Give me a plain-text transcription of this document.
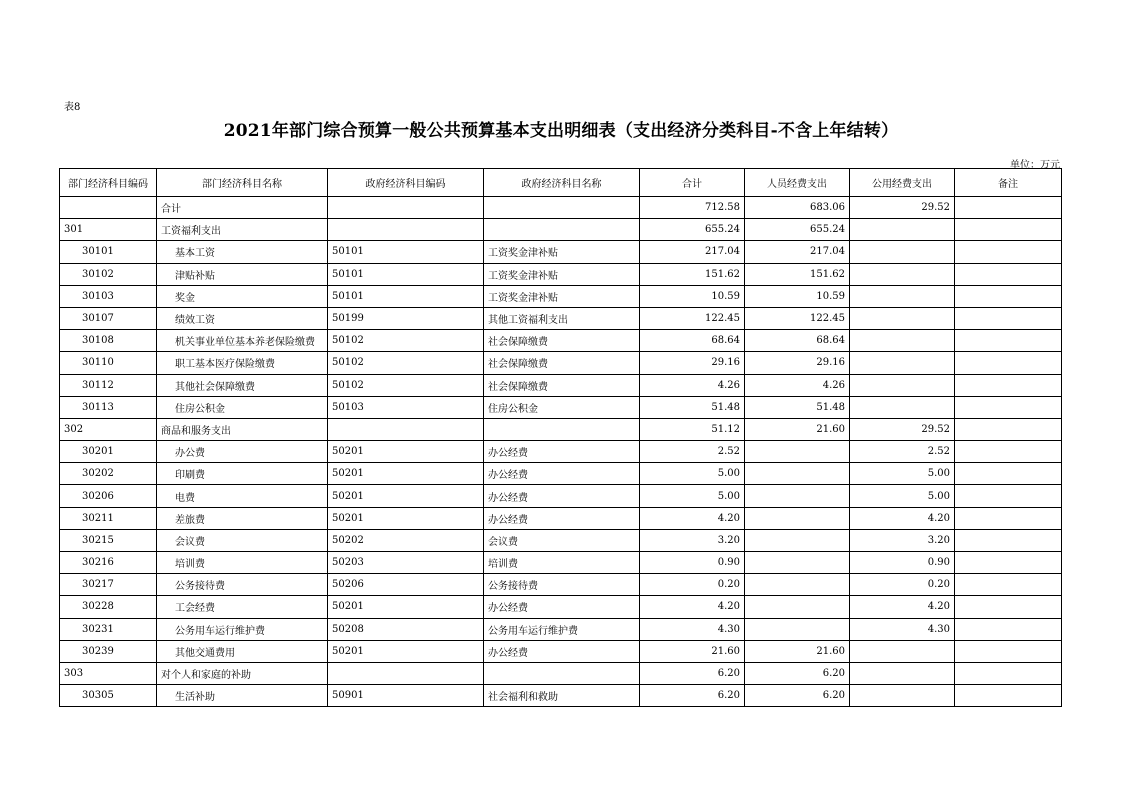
表8
2021年部门综合预算一般公共预算基本支出明细表（支出经济分类科目-不含上年结转）
单位：万元
部门经济科目编码	部门经济科目名称	政府经济科目编码	政府经济科目名称	合计	人员经费支出	公用经费支出	备注
	合计			712.58	683.06	29.52	
301	工资福利支出			655.24	655.24		
30101	基本工资	50101	工资奖金津补贴	217.04	217.04		
30102	津贴补贴	50101	工资奖金津补贴	151.62	151.62		
30103	奖金	50101	工资奖金津补贴	10.59	10.59		
30107	绩效工资	50199	其他工资福利支出	122.45	122.45		
30108	机关事业单位基本养老保险缴费	50102	社会保障缴费	68.64	68.64		
30110	职工基本医疗保险缴费	50102	社会保障缴费	29.16	29.16		
30112	其他社会保障缴费	50102	社会保障缴费	4.26	4.26		
30113	住房公积金	50103	住房公积金	51.48	51.48		
302	商品和服务支出			51.12	21.60	29.52	
30201	办公费	50201	办公经费	2.52		2.52	
30202	印刷费	50201	办公经费	5.00		5.00	
30206	电费	50201	办公经费	5.00		5.00	
30211	差旅费	50201	办公经费	4.20		4.20	
30215	会议费	50202	会议费	3.20		3.20	
30216	培训费	50203	培训费	0.90		0.90	
30217	公务接待费	50206	公务接待费	0.20		0.20	
30228	工会经费	50201	办公经费	4.20		4.20	
30231	公务用车运行维护费	50208	公务用车运行维护费	4.30		4.30	
30239	其他交通费用	50201	办公经费	21.60	21.60		
303	对个人和家庭的补助			6.20	6.20		
30305	生活补助	50901	社会福利和救助	6.20	6.20		
